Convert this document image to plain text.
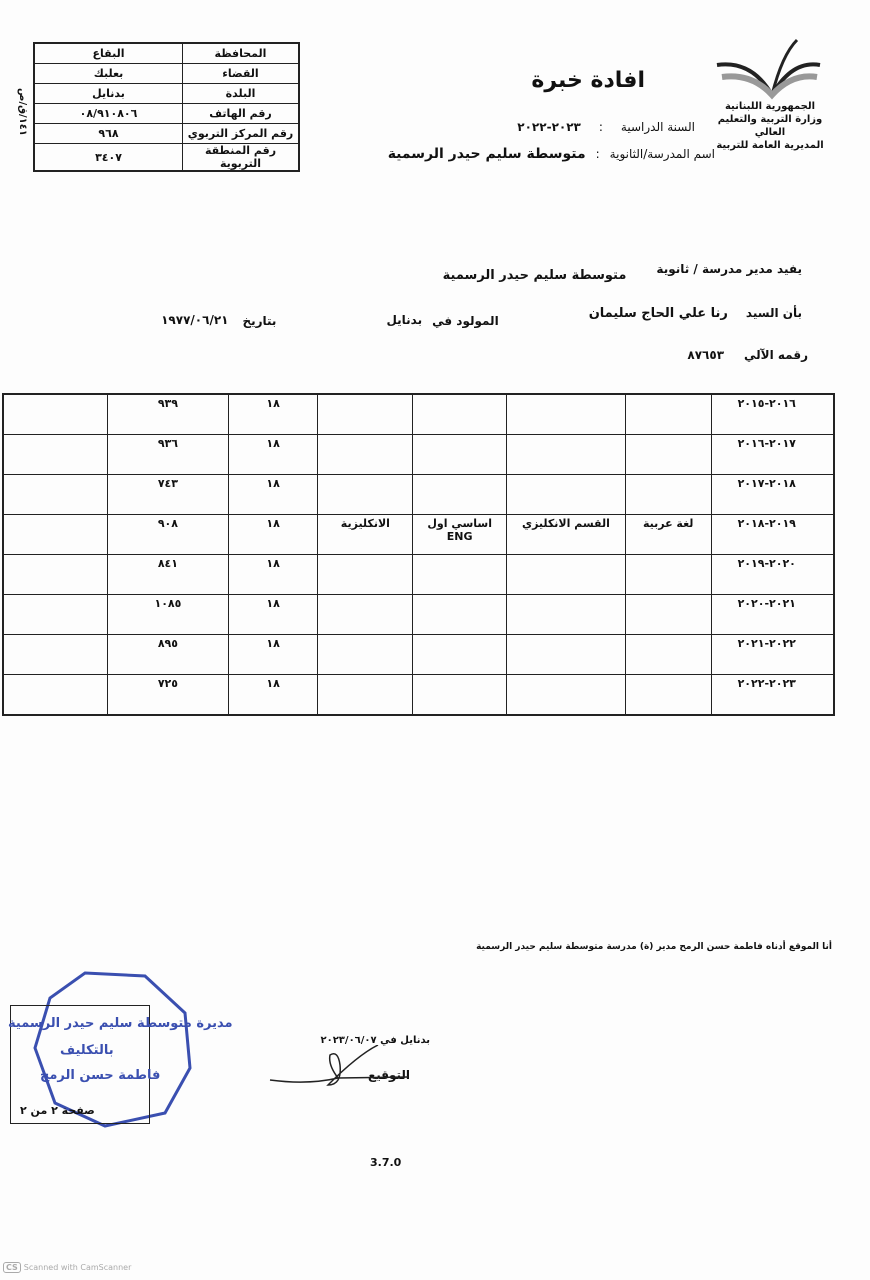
الجمهورية اللبنانية
وزارة التربية والتعليم العالي
المديرية العامة للتربية
افادة خبرة
السنة الدراسية
:
٢٠٢٣-٢٠٢٢
اسم المدرسة/الثانوية
:
متوسطة سليم حيدر الرسمية
١٤١/ق/ص
المحافظة	البقاع
القضاء	بعلبك
البلدة	بدنايل
رقم الهاتف	٠٨/٩١٠٨٠٦
رقم المركز التربوي	٩٦٨
رقم المنطقة التربوية	٣٤٠٧
يفيد مدير مدرسة / ثانوية
متوسطة سليم حيدر الرسمية
بأن السيد
رنا علي الحاج سليمان
المولود في
بدنايل
بتاريخ
١٩٧٧/٠٦/٢١
رقمه الآلي
٨٧٦٥٣
	٩٣٩	١٨					٢٠١٦-٢٠١٥
	٩٣٦	١٨					٢٠١٧-٢٠١٦
	٧٤٣	١٨					٢٠١٨-٢٠١٧
	٩٠٨	١٨	الانكليزية	اساسي اول ENG	القسم الانكليزي	لغة عربية	٢٠١٩-٢٠١٨
	٨٤١	١٨					٢٠٢٠-٢٠١٩
	١٠٨٥	١٨					٢٠٢١-٢٠٢٠
	٨٩٥	١٨					٢٠٢٢-٢٠٢١
	٧٢٥	١٨					٢٠٢٣-٢٠٢٢
أنا الموقع أدناه فاطمة حسن الرمح مدير (ة) مدرسة متوسطة سليم حيدر الرسمية
مديرة متوسطة سليم حيدر الرسمية
بالتكليف
فاطمة حسن الرمح
صفحة ٢ من ٢
بدنايل في ٢٠٢٣/٠٦/٠٧
التوقيع
3.7.0
CS Scanned with CamScanner
